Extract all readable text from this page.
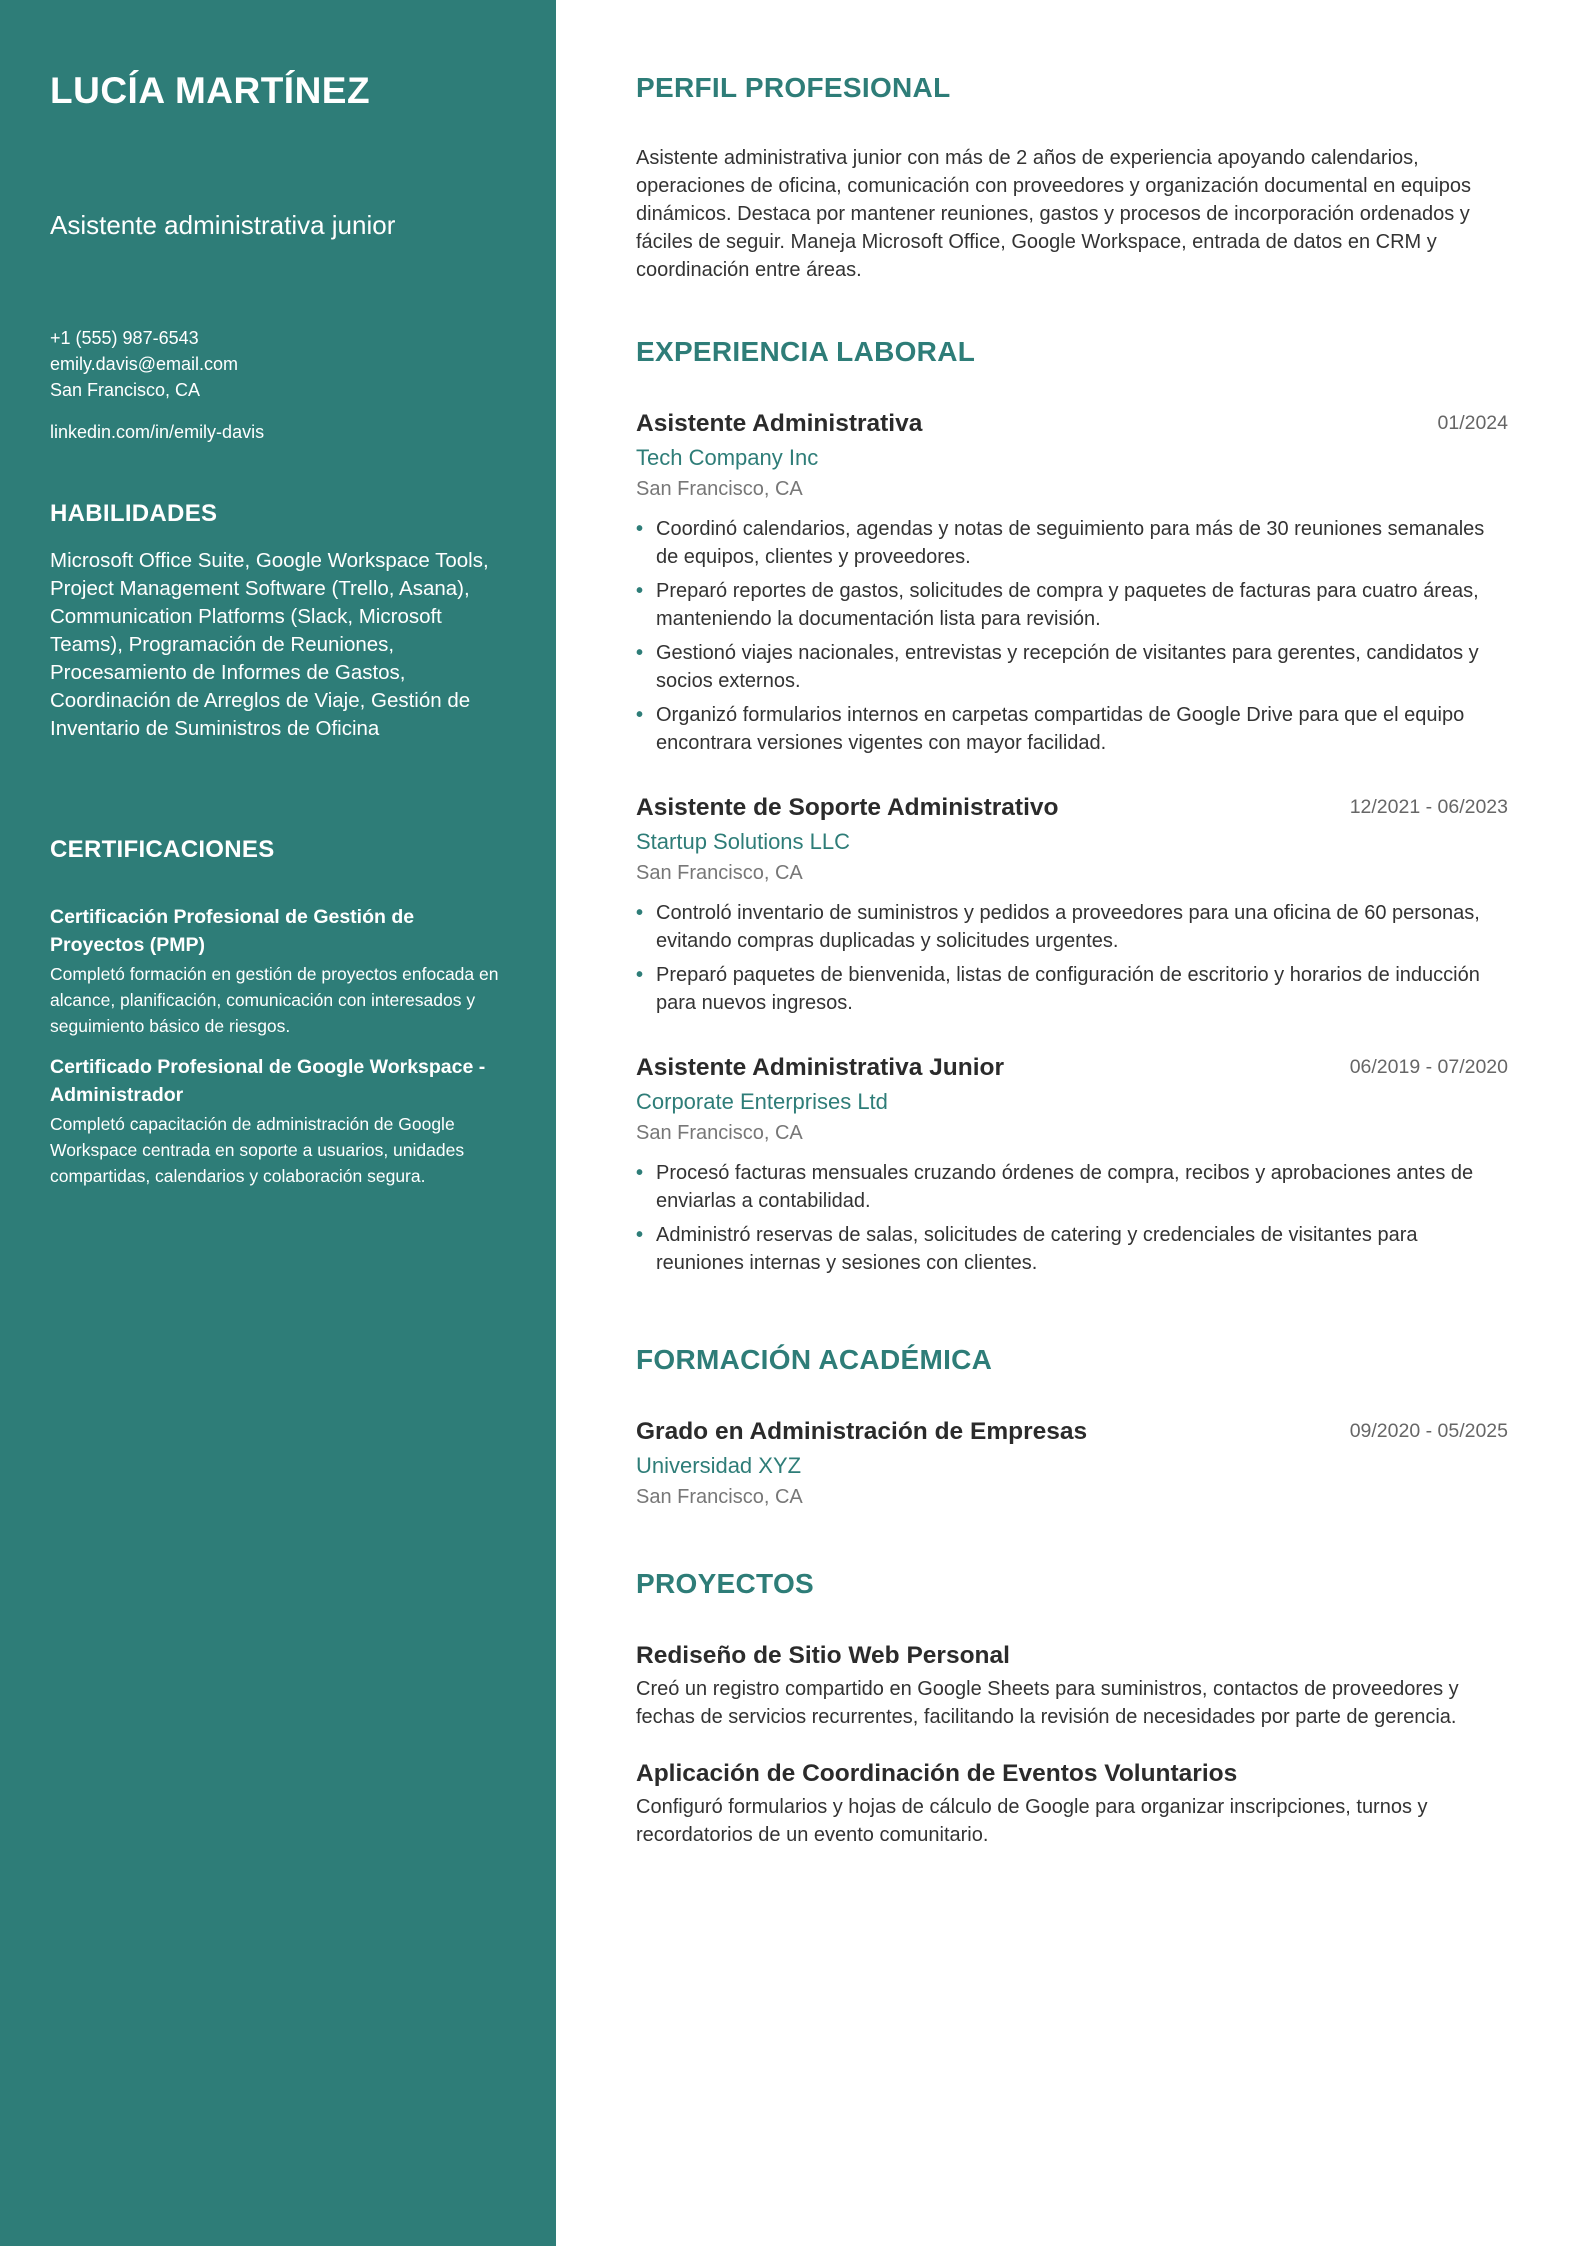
LUCÍA MARTÍNEZ
Asistente administrativa junior
+1 (555) 987-6543
emily.davis@email.com
San Francisco, CA
linkedin.com/in/emily-davis
HABILIDADES
Microsoft Office Suite, Google Workspace Tools, Project Management Software (Trello, Asana), Communication Platforms (Slack, Microsoft Teams), Programación de Reuniones, Procesamiento de Informes de Gastos, Coordinación de Arreglos de Viaje, Gestión de Inventario de Suministros de Oficina
CERTIFICACIONES
Certificación Profesional de Gestión de Proyectos (PMP)
Completó formación en gestión de proyectos enfocada en alcance, planificación, comunicación con interesados y seguimiento básico de riesgos.
Certificado Profesional de Google Workspace - Administrador
Completó capacitación de administración de Google Workspace centrada en soporte a usuarios, unidades compartidas, calendarios y colaboración segura.
PERFIL PROFESIONAL
Asistente administrativa junior con más de 2 años de experiencia apoyando calendarios, operaciones de oficina, comunicación con proveedores y organización documental en equipos dinámicos. Destaca por mantener reuniones, gastos y procesos de incorporación ordenados y fáciles de seguir. Maneja Microsoft Office, Google Workspace, entrada de datos en CRM y coordinación entre áreas.
EXPERIENCIA LABORAL
Asistente Administrativa	01/2024
Tech Company Inc
San Francisco, CA
• Coordinó calendarios, agendas y notas de seguimiento para más de 30 reuniones semanales de equipos, clientes y proveedores.
• Preparó reportes de gastos, solicitudes de compra y paquetes de facturas para cuatro áreas, manteniendo la documentación lista para revisión.
• Gestionó viajes nacionales, entrevistas y recepción de visitantes para gerentes, candidatos y socios externos.
• Organizó formularios internos en carpetas compartidas de Google Drive para que el equipo encontrara versiones vigentes con mayor facilidad.
Asistente de Soporte Administrativo	12/2021 - 06/2023
Startup Solutions LLC
San Francisco, CA
• Controló inventario de suministros y pedidos a proveedores para una oficina de 60 personas, evitando compras duplicadas y solicitudes urgentes.
• Preparó paquetes de bienvenida, listas de configuración de escritorio y horarios de inducción para nuevos ingresos.
Asistente Administrativa Junior	06/2019 - 07/2020
Corporate Enterprises Ltd
San Francisco, CA
• Procesó facturas mensuales cruzando órdenes de compra, recibos y aprobaciones antes de enviarlas a contabilidad.
• Administró reservas de salas, solicitudes de catering y credenciales de visitantes para reuniones internas y sesiones con clientes.
FORMACIÓN ACADÉMICA
Grado en Administración de Empresas	09/2020 - 05/2025
Universidad XYZ
San Francisco, CA
PROYECTOS
Rediseño de Sitio Web Personal
Creó un registro compartido en Google Sheets para suministros, contactos de proveedores y fechas de servicios recurrentes, facilitando la revisión de necesidades por parte de gerencia.
Aplicación de Coordinación de Eventos Voluntarios
Configuró formularios y hojas de cálculo de Google para organizar inscripciones, turnos y recordatorios de un evento comunitario.
